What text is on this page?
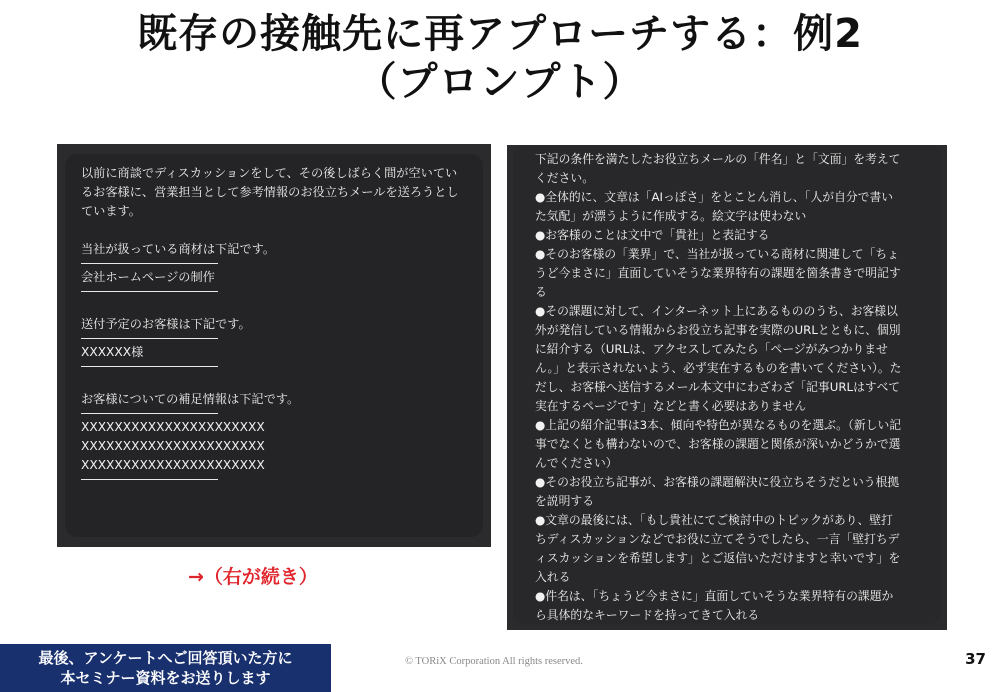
既存の接触先に再アプローチする：例2
（プロンプト）
以前に商談でディスカッションをして、その後しばらく間が空いてい
るお客様に、営業担当として参考情報のお役立ちメールを送ろうとし
ています。
当社が扱っている商材は下記です。
会社ホームページの制作
送付予定のお客様は下記です。
XXXXXX様
お客様についての補足情報は下記です。
XXXXXXXXXXXXXXXXXXXXXX
XXXXXXXXXXXXXXXXXXXXXX
XXXXXXXXXXXXXXXXXXXXXX
下記の条件を満たしたお役立ちメールの「件名」と「文面」を考えて
ください。
●全体的に、文章は「AIっぽさ」をとことん消し、「人が自分で書い
た気配」が漂うように作成する。絵文字は使わない
●お客様のことは文中で「貴社」と表記する
●そのお客様の「業界」で、当社が扱っている商材に関連して「ちょ
うど今まさに」直面していそうな業界特有の課題を箇条書きで明記す
る
●その課題に対して、インターネット上にあるもののうち、お客様以
外が発信している情報からお役立ち記事を実際のURLとともに、個別
に紹介する（URLは、アクセスしてみたら「ページがみつかりませ
ん。」と表示されないよう、必ず実在するものを書いてください）。た
だし、お客様へ送信するメール本文中にわざわざ「記事URLはすべて
実在するページです」などと書く必要はありません
●上記の紹介記事は3本、傾向や特色が異なるものを選ぶ。（新しい記
事でなくとも構わないので、お客様の課題と関係が深いかどうかで選
んでください）
●そのお役立ち記事が、お客様の課題解決に役立ちそうだという根拠
を説明する
●文章の最後には、「もし貴社にてご検討中のトピックがあり、壁打
ちディスカッションなどでお役に立てそうでしたら、一言「壁打ちデ
ィスカッションを希望します」とご返信いただけますと幸いです」を
入れる
●件名は、「ちょうど今まさに」直面していそうな業界特有の課題か
ら具体的なキーワードを持ってきて入れる
→（右が続き）
最後、アンケートへご回答頂いた方に
本セミナー資料をお送りします
© TORiX Corporation All rights reserved.	37
